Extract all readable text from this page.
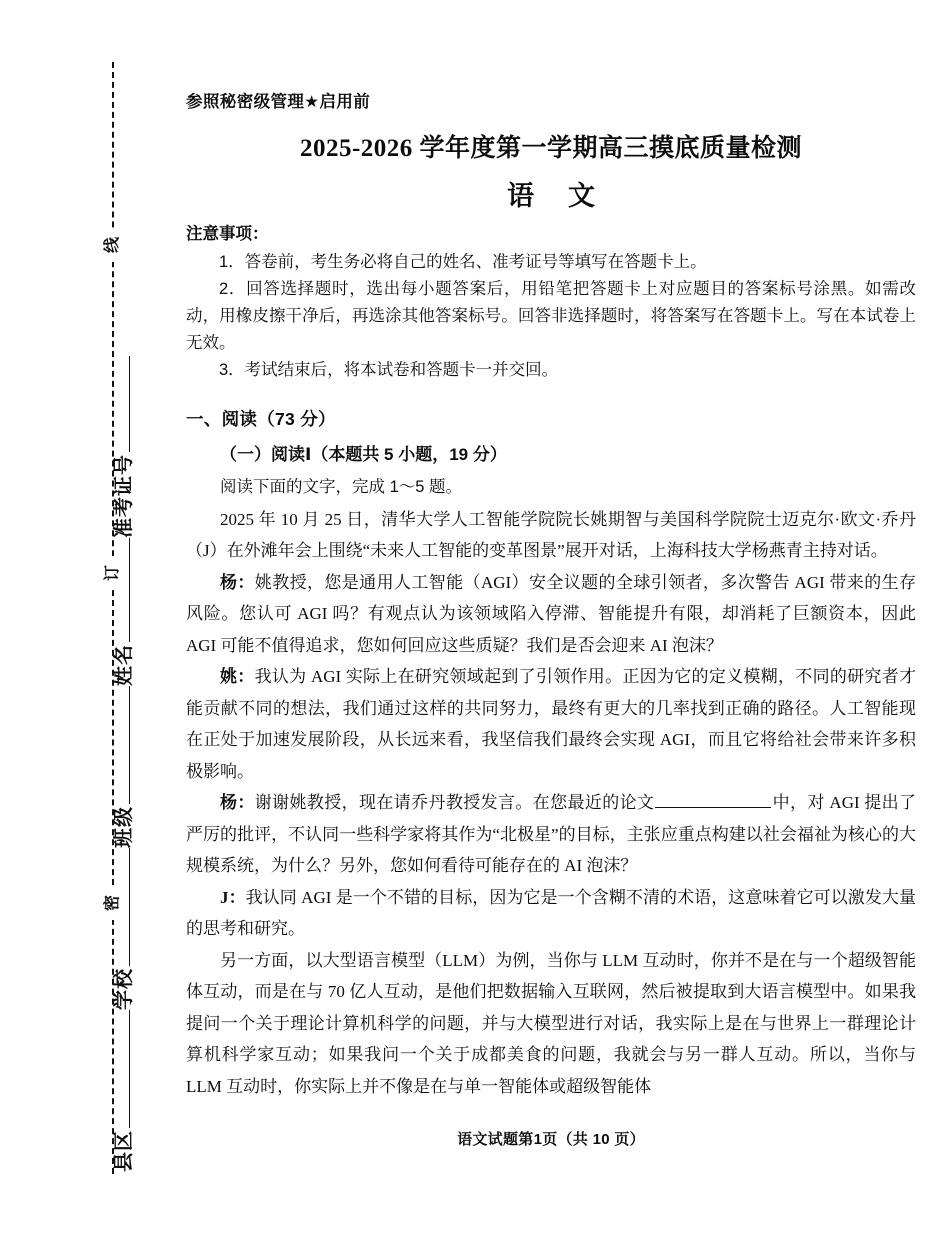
线
订
密
县区
学校
班级
姓名
准考证号
参照秘密级管理★启用前
2025-2026 学年度第一学期高三摸底质量检测
语文

注意事项：

1．答卷前，考生务必将自己的姓名、准考证号等填写在答题卡上。

2．回答选择题时，选出每小题答案后，用铅笔把答题卡上对应题目的答案标号涂黑。如需改动，用橡皮擦干净后，再选涂其他答案标号。回答非选择题时，将答案写在答题卡上。写在本试卷上无效。

3．考试结束后，将本试卷和答题卡一并交回。

一、阅读（73 分）
（一）阅读Ⅰ（本题共 5 小题，19 分）

阅读下面的文字，完成 1～5 题。

2025 年 10 月 25 日，清华大学人工智能学院院长姚期智与美国科学院院士迈克尔·欧文·乔丹（J）在外滩年会上围绕“未来人工智能的变革图景”展开对话，上海科技大学杨燕青主持对话。

杨：姚教授，您是通用人工智能（AGI）安全议题的全球引领者，多次警告 AGI 带来的生存风险。您认可 AGI 吗？有观点认为该领域陷入停滞、智能提升有限，却消耗了巨额资本，因此 AGI 可能不值得追求，您如何回应这些质疑？我们是否会迎来 AI 泡沫？

姚：我认为 AGI 实际上在研究领域起到了引领作用。正因为它的定义模糊，不同的研究者才能贡献不同的想法，我们通过这样的共同努力，最终有更大的几率找到正确的路径。人工智能现在正处于加速发展阶段，从长远来看，我坚信我们最终会实现 AGI，而且它将给社会带来许多积极影响。

杨：谢谢姚教授，现在请乔丹教授发言。在您最近的论文	中，对 AGI 提出了严厉的批评，不认同一些科学家将其作为“北极星”的目标，主张应重点构建以社会福祉为核心的大规模系统，为什么？另外，您如何看待可能存在的 AI 泡沫？

J：我认同 AGI 是一个不错的目标，因为它是一个含糊不清的术语，这意味着它可以激发大量的思考和研究。

另一方面，以大型语言模型（LLM）为例，当你与 LLM 互动时，你并不是在与一个超级智能体互动，而是在与 70 亿人互动，是他们把数据输入互联网，然后被提取到大语言模型中。如果我提问一个关于理论计算机科学的问题，并与大模型进行对话，我实际上是在与世界上一群理论计算机科学家互动；如果我问一个关于成都美食的问题，我就会与另一群人互动。所以，当你与 LLM 互动时，你实际上并不像是在与单一智能体或超级智能体

语文试题第1页（共 10 页）
